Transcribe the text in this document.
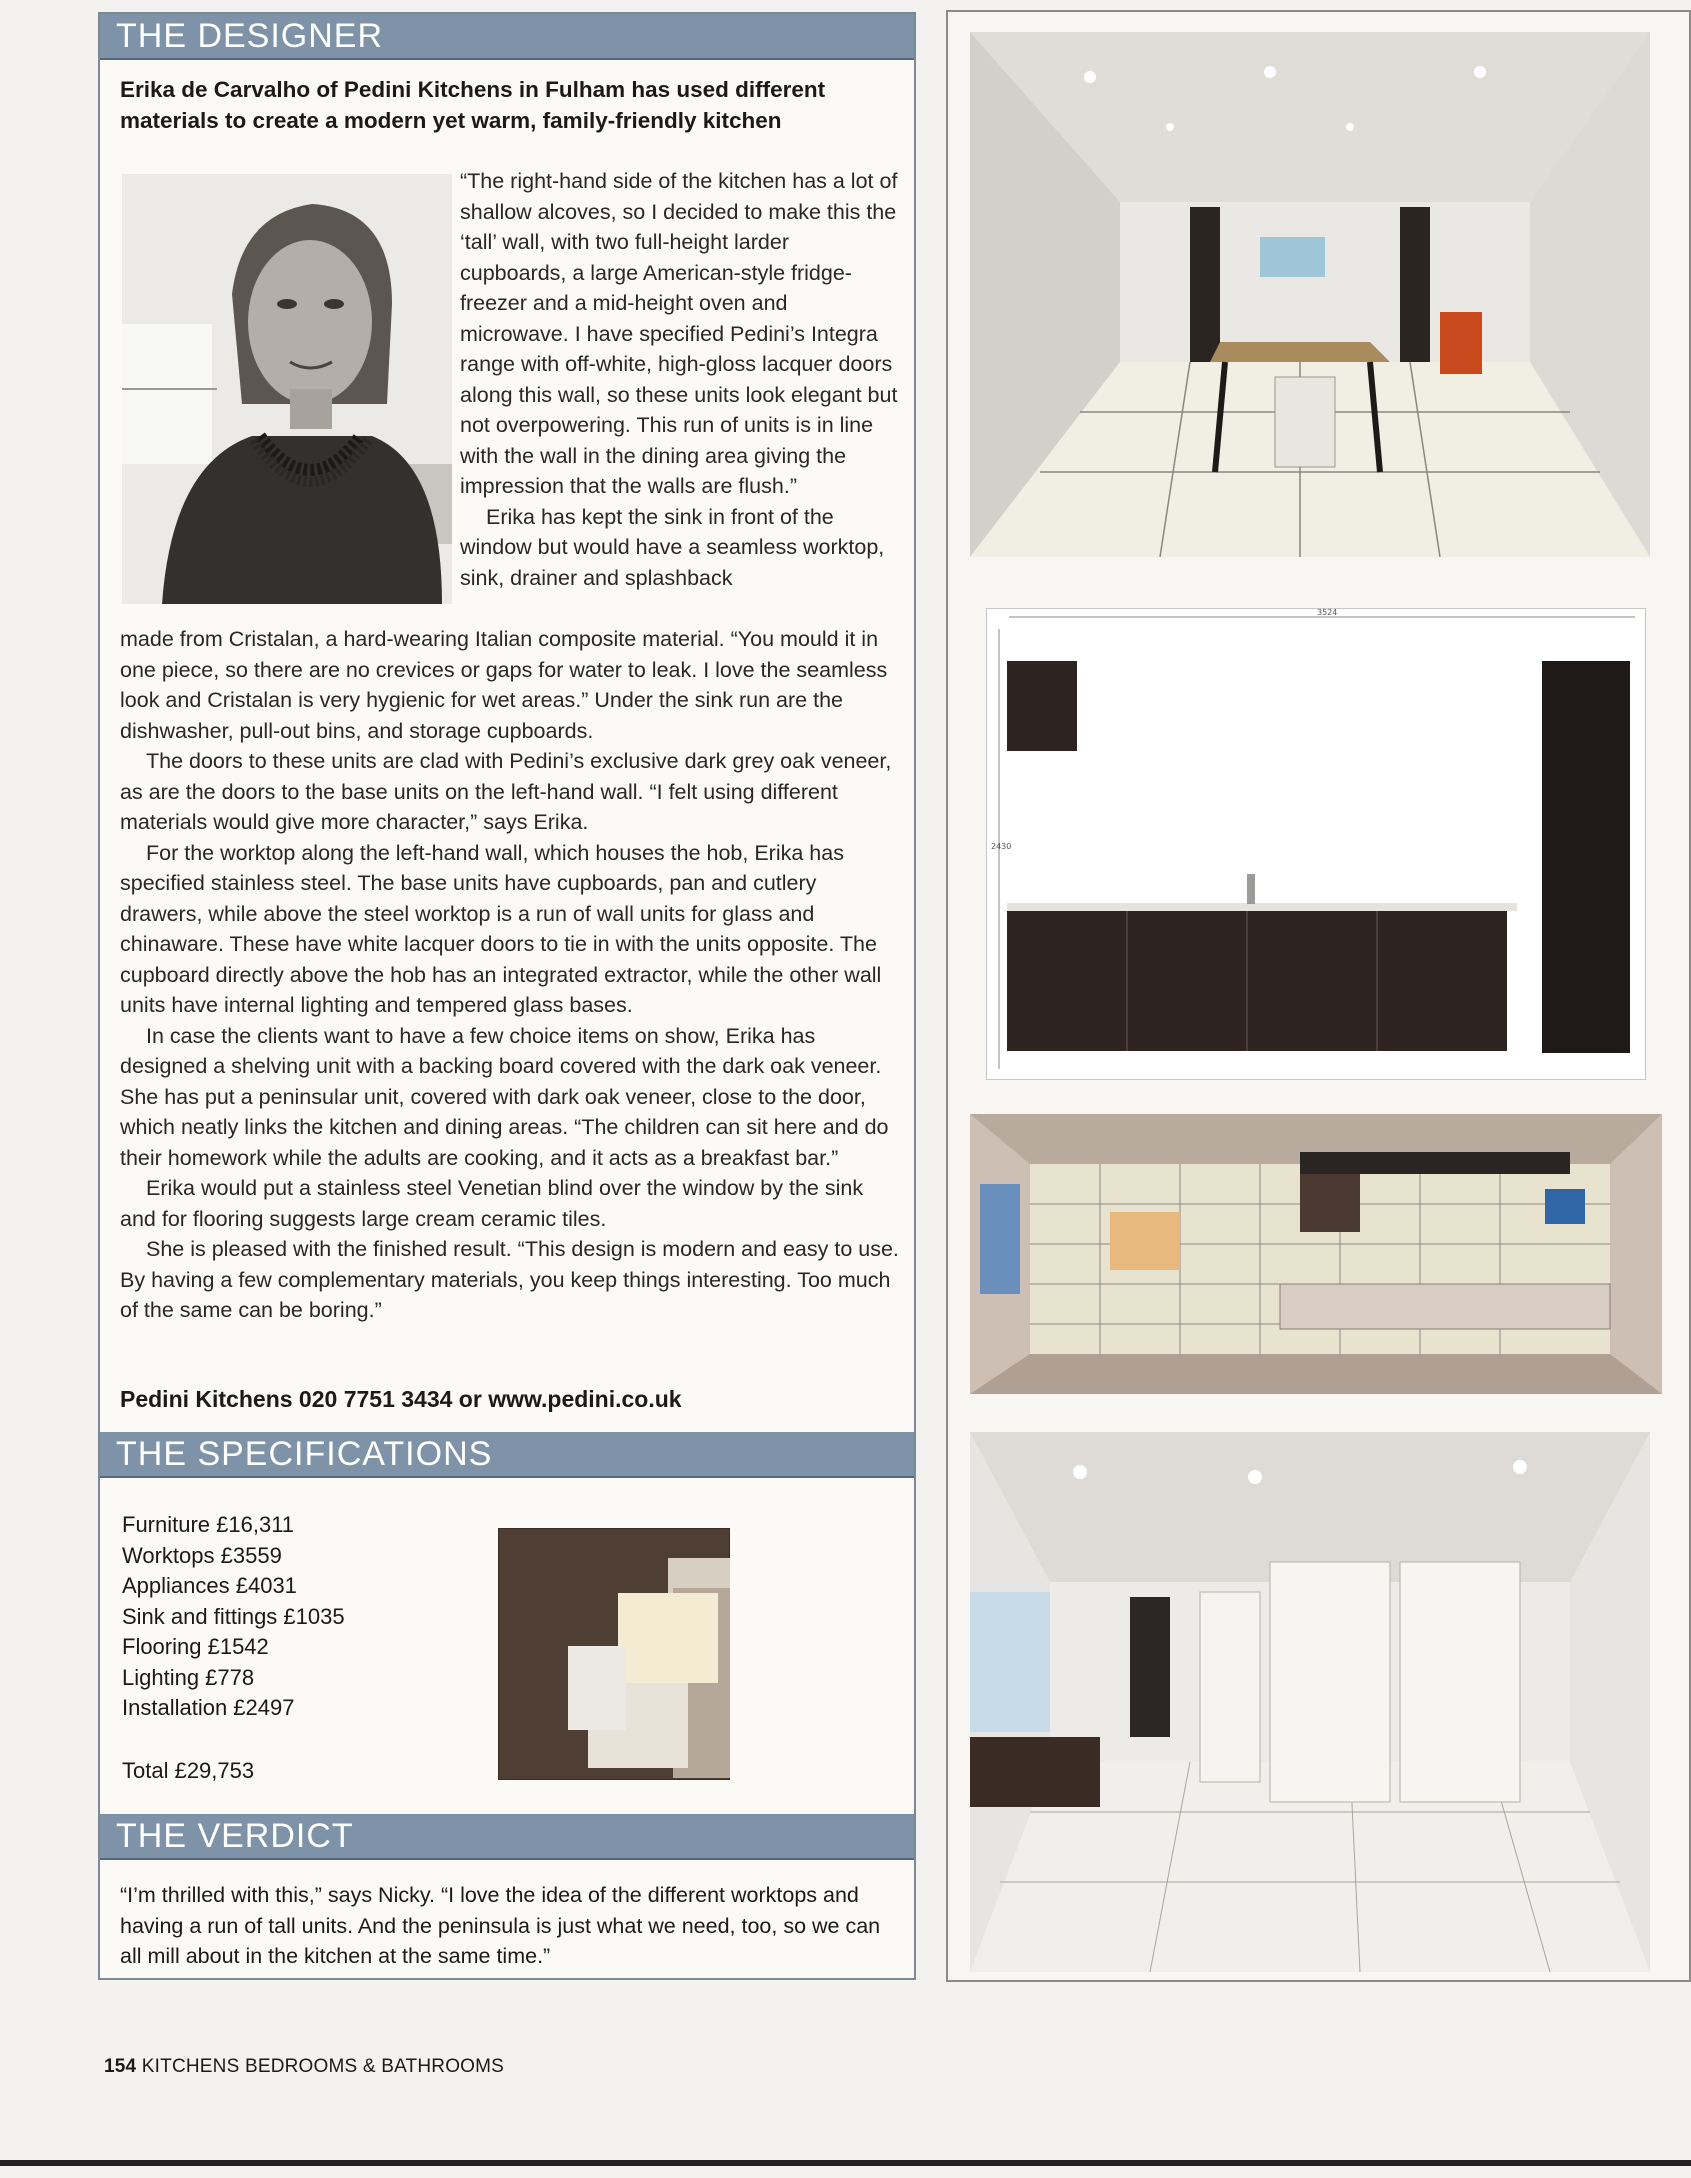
THE DESIGNER
Erika de Carvalho of Pedini Kitchens in Fulham has used different materials to create a modern yet warm, family-friendly kitchen

“The right-hand side of the kitchen has a lot of shallow alcoves, so I decided to make this the ‘tall’ wall, with two full-height larder cupboards, a large American-style fridge-freezer and a mid-height oven and microwave. I have specified Pedini’s Integra range with off-white, high-gloss lacquer doors along this wall, so these units look elegant but not overpowering. This run of units is in line with the wall in the dining area giving the impression that the walls are flush.”

Erika has kept the sink in front of the window but would have a seamless worktop, sink, drainer and splashback

made from Cristalan, a hard-wearing Italian composite material. “You mould it in one piece, so there are no crevices or gaps for water to leak. I love the seamless look and Cristalan is very hygienic for wet areas.” Under the sink run are the dishwasher, pull-out bins, and storage cupboards.

The doors to these units are clad with Pedini’s exclusive dark grey oak veneer, as are the doors to the base units on the left-hand wall. “I felt using different materials would give more character,” says Erika.

For the worktop along the left-hand wall, which houses the hob, Erika has specified stainless steel. The base units have cupboards, pan and cutlery drawers, while above the steel worktop is a run of wall units for glass and chinaware. These have white lacquer doors to tie in with the units opposite. The cupboard directly above the hob has an integrated extractor, while the other wall units have internal lighting and tempered glass bases.

In case the clients want to have a few choice items on show, Erika has designed a shelving unit with a backing board covered with the dark oak veneer. She has put a peninsular unit, covered with dark oak veneer, close to the door, which neatly links the kitchen and dining areas. “The children can sit here and do their homework while the adults are cooking, and it acts as a breakfast bar.”

Erika would put a stainless steel Venetian blind over the window by the sink and for flooring suggests large cream ceramic tiles.

She is pleased with the finished result. “This design is modern and easy to use. By having a few complementary materials, you keep things interesting. Too much of the same can be boring.”

Pedini Kitchens 020 7751 3434 or www.pedini.co.uk
THE SPECIFICATIONS
Furniture £16,311
Worktops £3559
Appliances £4031
Sink and fittings £1035
Flooring £1542
Lighting £778
Installation £2497
Total £29,753
THE VERDICT
“I’m thrilled with this,” says Nicky. “I love the idea of the different worktops and having a run of tall units. And the peninsula is just what we need, too, so we can all mill about in the kitchen at the same time.”
154 KITCHENS BEDROOMS & BATHROOMS
3524
2430
